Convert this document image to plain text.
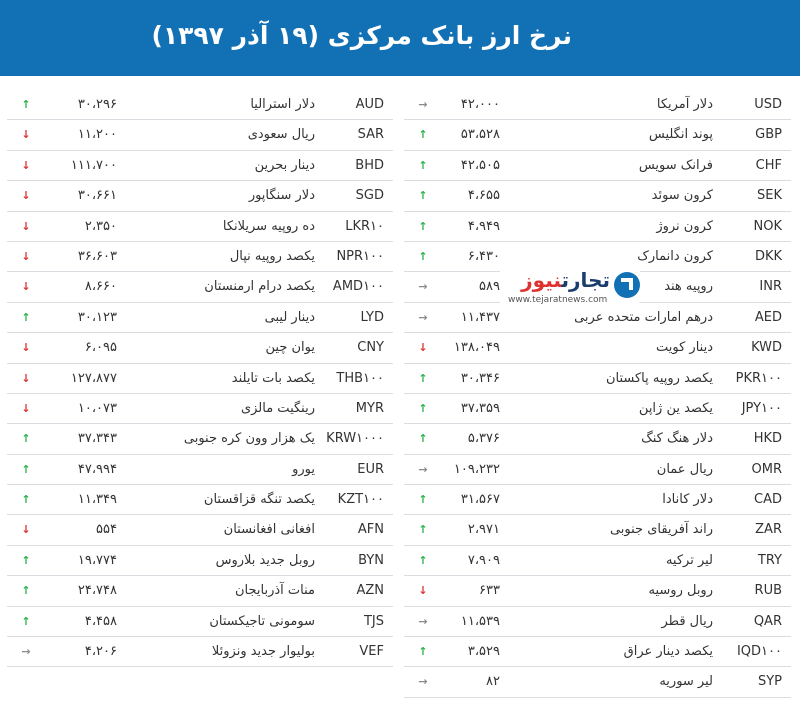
نرخ ارز بانک مرکزی (۱۹ آذر ۱۳۹۷)
USD
دلار آمریکا
۴۲،۰۰۰
→
GBP
پوند انگلیس
۵۳،۵۲۸
↑
CHF
فرانک سویس
۴۲،۵۰۵
↑
SEK
کرون سوئد
۴،۶۵۵
↑
NOK
کرون نروژ
۴،۹۴۹
↑
DKK
کرون دانمارک
۶،۴۳۰
↑
INR
روپیه هند
۵۸۹
→
AED
درهم امارات متحده عربی
۱۱،۴۳۷
→
KWD
دینار کویت
۱۳۸،۰۴۹
↓
PKR۱۰۰
یکصد روپیه پاکستان
۳۰،۳۴۶
↑
JPY۱۰۰
یکصد ین ژاپن
۳۷،۳۵۹
↑
HKD
دلار هنگ کنگ
۵،۳۷۶
↑
OMR
ریال عمان
۱۰۹،۲۳۲
→
CAD
دلار کانادا
۳۱،۵۶۷
↑
ZAR
راند آفریقای جنوبی
۲،۹۷۱
↑
TRY
لیر ترکیه
۷،۹۰۹
↑
RUB
روبل روسیه
۶۳۳
↓
QAR
ریال قطر
۱۱،۵۳۹
→
IQD۱۰۰
یکصد دینار عراق
۳،۵۲۹
↑
SYP
لیر سوریه
۸۲
→
AUD
دلار استرالیا
۳۰،۲۹۶
↑
SAR
ریال سعودی
۱۱،۲۰۰
↓
BHD
دینار بحرین
۱۱۱،۷۰۰
↓
SGD
دلار سنگاپور
۳۰،۶۶۱
↓
LKR۱۰
ده روپیه سریلانکا
۲،۳۵۰
↓
NPR۱۰۰
یکصد روپیه نپال
۳۶،۶۰۳
↓
AMD۱۰۰
یکصد درام ارمنستان
۸،۶۶۰
↓
LYD
دینار لیبی
۳۰،۱۲۳
↑
CNY
یوان چین
۶،۰۹۵
↓
THB۱۰۰
یکصد بات تایلند
۱۲۷،۸۷۷
↓
MYR
رینگیت مالزی
۱۰،۰۷۳
↓
KRW۱۰۰۰
یک هزار وون کره جنوبی
۳۷،۳۴۳
↑
EUR
یورو
۴۷،۹۹۴
↑
KZT۱۰۰
یکصد تنگه قزاقستان
۱۱،۳۴۹
↑
AFN
افغانی افغانستان
۵۵۴
↓
BYN
روبل جدید بلاروس
۱۹،۷۷۴
↑
AZN
منات آذربایجان
۲۴،۷۴۸
↑
TJS
سومونی تاجیکستان
۴،۴۵۸
↑
VEF
بولیوار جدید ونزوئلا
۴،۲۰۶
→
تجارتنیوز
www.tejaratnews.com
